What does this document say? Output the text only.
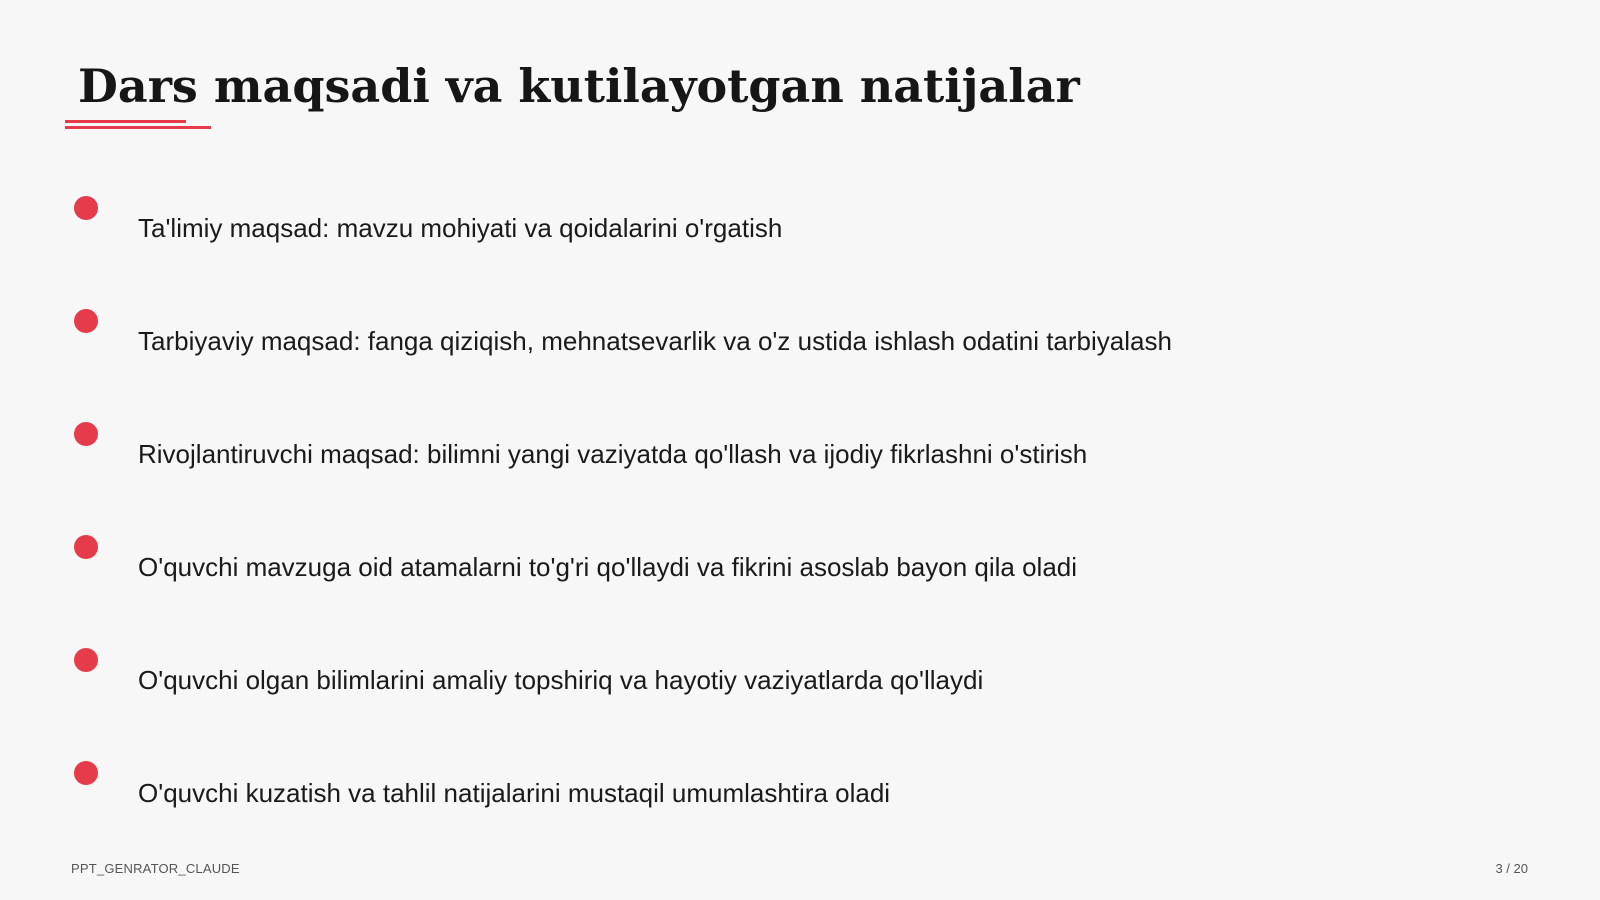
Dars maqsadi va kutilayotgan natijalar
Ta'limiy maqsad: mavzu mohiyati va qoidalarini o'rgatish
Tarbiyaviy maqsad: fanga qiziqish, mehnatsevarlik va o'z ustida ishlash odatini tarbiyalash
Rivojlantiruvchi maqsad: bilimni yangi vaziyatda qo'llash va ijodiy fikrlashni o'stirish
O'quvchi mavzuga oid atamalarni to'g'ri qo'llaydi va fikrini asoslab bayon qila oladi
O'quvchi olgan bilimlarini amaliy topshiriq va hayotiy vaziyatlarda qo'llaydi
O'quvchi kuzatish va tahlil natijalarini mustaqil umumlashtira oladi
PPT_GENRATOR_CLAUDE	3 / 20
